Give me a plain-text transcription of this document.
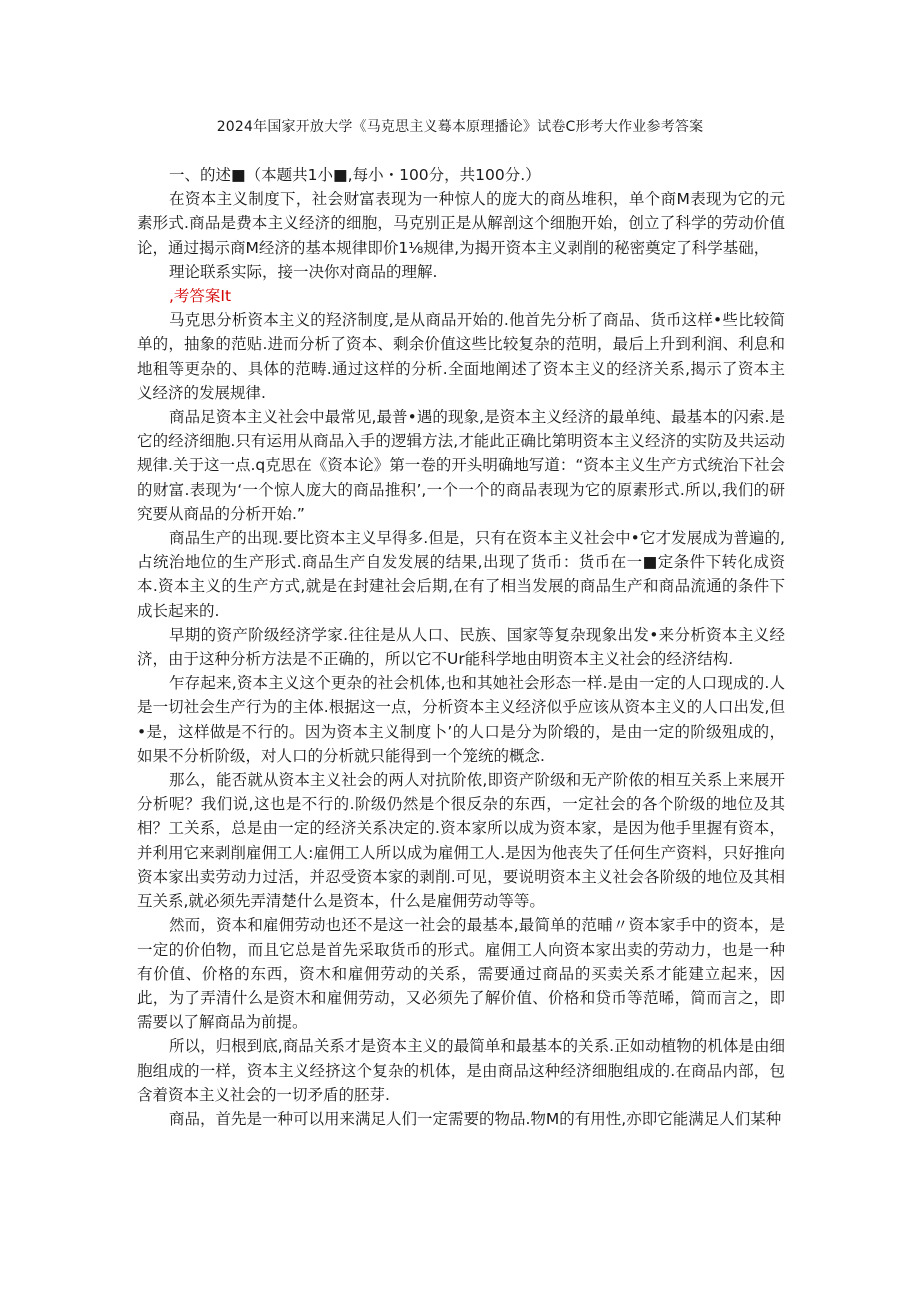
2024年国家开放大学《马克思主义蓦本原理播论》试卷C形考大作业参考答案

一、的述■（本题共1小■,每小・100分，共100分.）

在资本主义制度下，社会财富表现为一种惊人的庞大的商丛堆积，单个商M表现为它的元素形式.商品是费本主义经济的细胞，马克别正是从解剖这个细胞开始，创立了科学的劳动价值论，通过揭示商M经济的基本规律即价1⅛规律,为揭开资本主义剥削的秘密奠定了科学基础，

理论联系实际，接一决你对商品的理解.

,考答案It

马克思分析资本主义的羟济制度,是从商品开始的.他首先分析了商品、货币这样•些比较简单的，抽象的范贴.进而分析了资本、剩余价值这些比较复杂的范明，最后上升到利润、利息和地租等更杂的、具体的范畴.通过这样的分析.全面地阐述了资本主义的经济关系,揭示了资本主义经济的发展规律.

商品足资本主义社会中最常见,最普•遇的现象,是资本主义经济的最单纯、最基本的闪索.是它的经济细胞.只有运用从商品入手的逻辑方法,才能此正确比第明资本主义经济的实防及共运动规律.关于这一点.q克思在《资本论》第一卷的开头明确地写道：“资本主义生产方式统治下社会的财富.表现为‘一个惊人庞大的商品推积’,一个一个的商品表现为它的原素形式.所以,我们的研究要从商品的分析开始.”

商品生产的出现.要比资本主义早得多.但是，只有在资本主义社会中•它才发展成为普遍的,占统治地位的生产形式.商品生产自发发展的结果,出现了货币：货币在一■定条件下转化成资本.资本主义的生产方式,就是在封建社会后期,在有了相当发展的商品生产和商品流通的条件下成长起来的.

早期的资产阶级经济学家.往往是从人口、民族、国家等复杂现象出发•来分析资本主义经济，由于这种分析方法是不正确的，所以它不Ur能科学地由明资本主义社会的经济结构.

乍存起来,资本主义这个更杂的社会机体,也和其她社会形态一样.是由一定的人口现成的.人是一切社会生产行为的主体.根据这一点，分析资本主义经济似乎应该从资本主义的人口出发,但•是，这样做是不行的。因为资本主义制度卜’的人口是分为阶缎的，是由一定的阶级殂成的，如果不分析阶级，对人口的分析就只能得到一个笼统的概念.

那么，能否就从资本主义社会的两人对抗阶侬,即资产阶级和无产阶侬的相互关系上来展开分析呢？我们说,这也是不行的.阶级仍然是个很反杂的东西，一定社会的各个阶级的地位及其相？工关系，总是由一定的经济关系决定的.资本家所以成为资本家，是因为他手里握有资本，并利用它来剥削雇佣工人:雇佣工人所以成为雇佣工人.是因为他丧失了任何生产资料，只好推向资本家出卖劳动力过活，并忍受资本家的剥削.可见，要说明资本主义社会各阶级的地位及其相互关系,就必须先弄清楚什么是资本，什么是雇佣劳动等等。

然而，资本和雇佣劳动也还不是这一社会的最基本,最简单的范晡〃资本家手中的资本，是一定的价伯物，而且它总是首先采取货币的形式。雇佣工人向资本家出卖的劳动力，也是一种有价值、价格的东西，资木和雇佣劳动的关系，需要通过商品的买卖关系才能建立起来，因此，为了弄清什么是资木和雇佣劳动，又必须先了解价值、价格和贷币等范晞，简而言之，即需要以了解商品为前提。

所以，归根到底,商品关系才是资本主义的最简单和最基本的关系.正如动植物的机体是由细胞组成的一样，资本主义经挤这个复杂的机体，是由商品这种经济细胞组成的.在商品内部，包含着资本主义社会的一切矛盾的胚芽.

商品，首先是一种可以用来满足人们一定需要的物品.物M的有用性,亦即它能满足人们某种
